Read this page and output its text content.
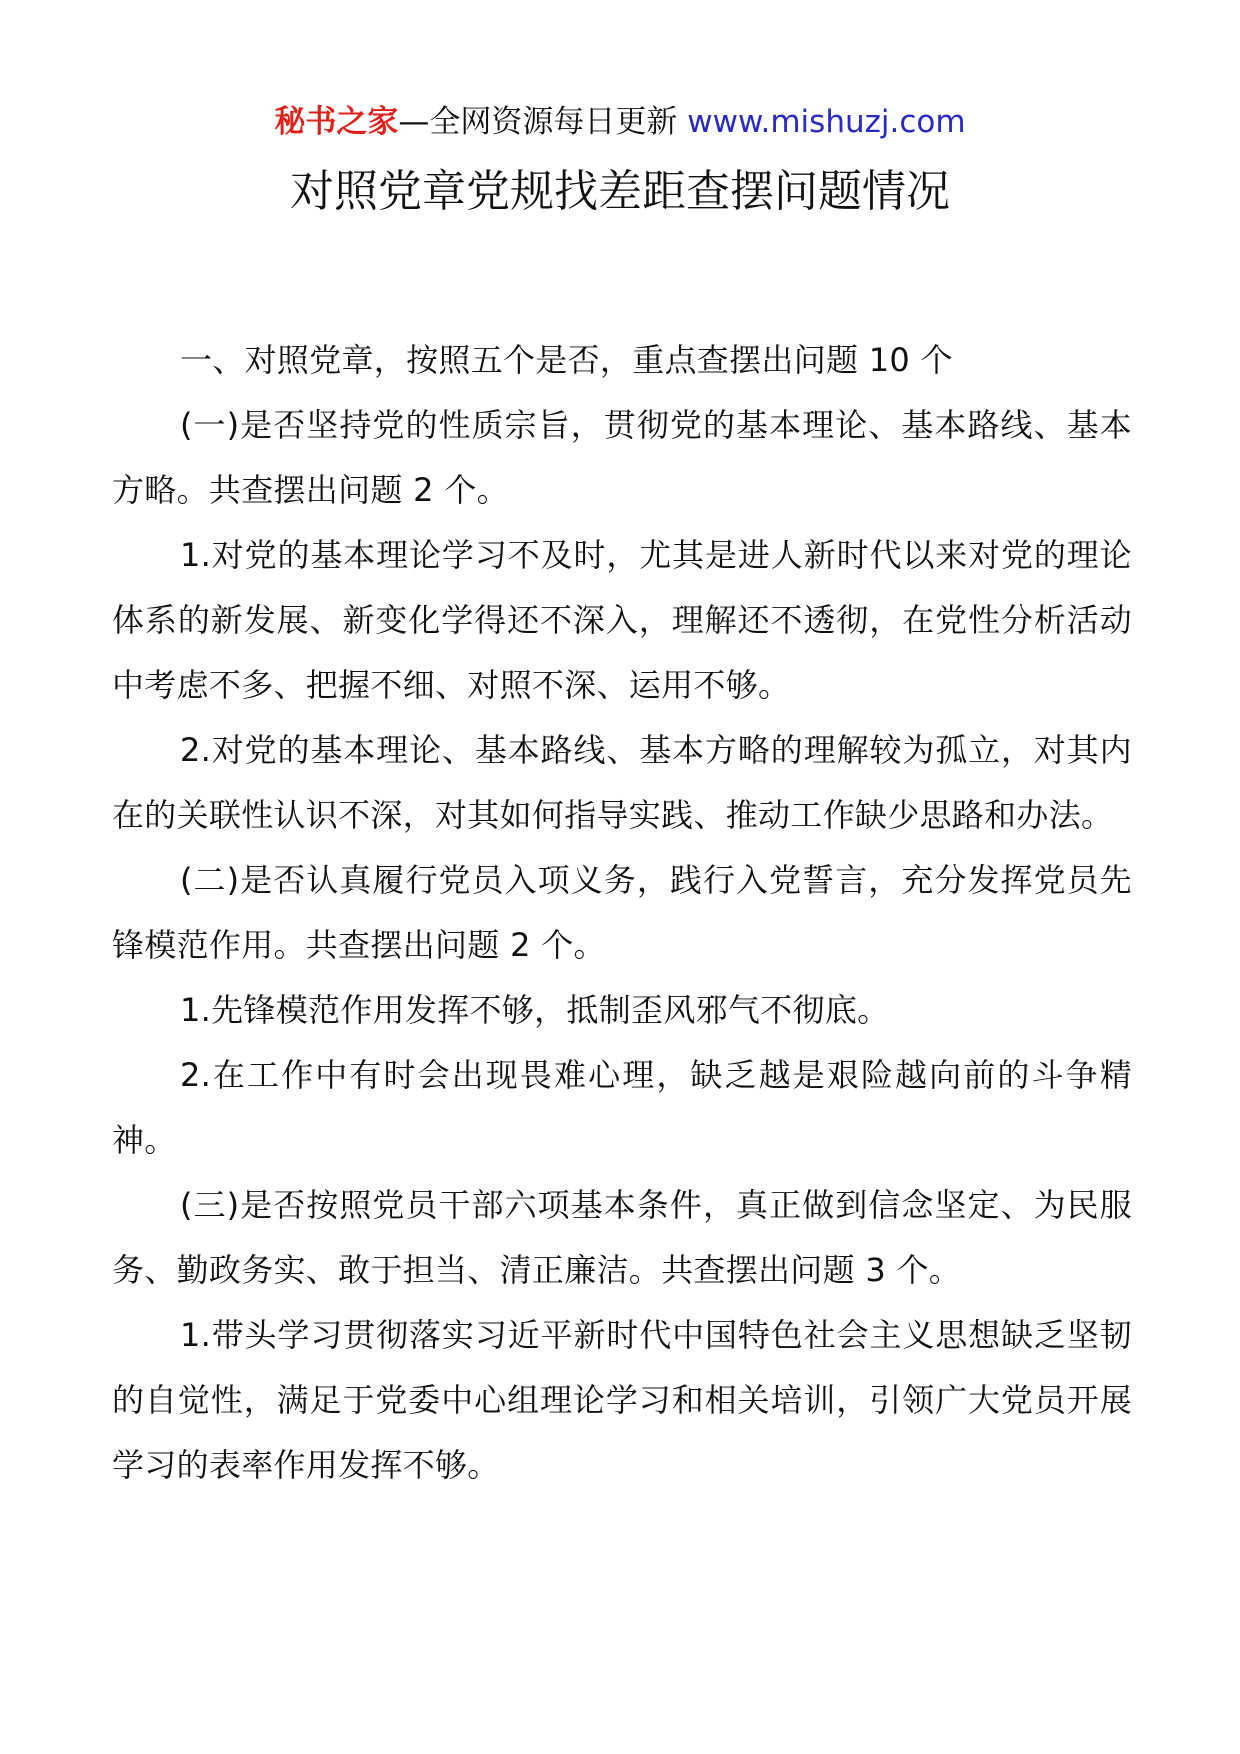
秘书之家—全网资源每日更新 www.mishuzj.com
对照党章党规找差距查摆问题情况

一、对照党章，按照五个是否，重点查摆出问题 10 个

(一)是否坚持党的性质宗旨，贯彻党的基本理论、基本路线、基本方略。共查摆出问题 2 个。

1.对党的基本理论学习不及时，尤其是进人新时代以来对党的理论体系的新发展、新变化学得还不深入，理解还不透彻，在党性分析活动中考虑不多、把握不细、对照不深、运用不够。

2.对党的基本理论、基本路线、基本方略的理解较为孤立，对其内在的关联性认识不深，对其如何指导实践、推动工作缺少思路和办法。

(二)是否认真履行党员入项义务，践行入党誓言，充分发挥党员先锋模范作用。共查摆出问题 2 个。

1.先锋模范作用发挥不够，抵制歪风邪气不彻底。

2.在工作中有时会出现畏难心理，缺乏越是艰险越向前的斗争精神。

(三)是否按照党员干部六项基本条件，真正做到信念坚定、为民服务、勤政务实、敢于担当、清正廉洁。共查摆出问题 3 个。

1.带头学习贯彻落实习近平新时代中国特色社会主义思想缺乏坚韧的自觉性，满足于党委中心组理论学习和相关培训，引领广大党员开展学习的表率作用发挥不够。
